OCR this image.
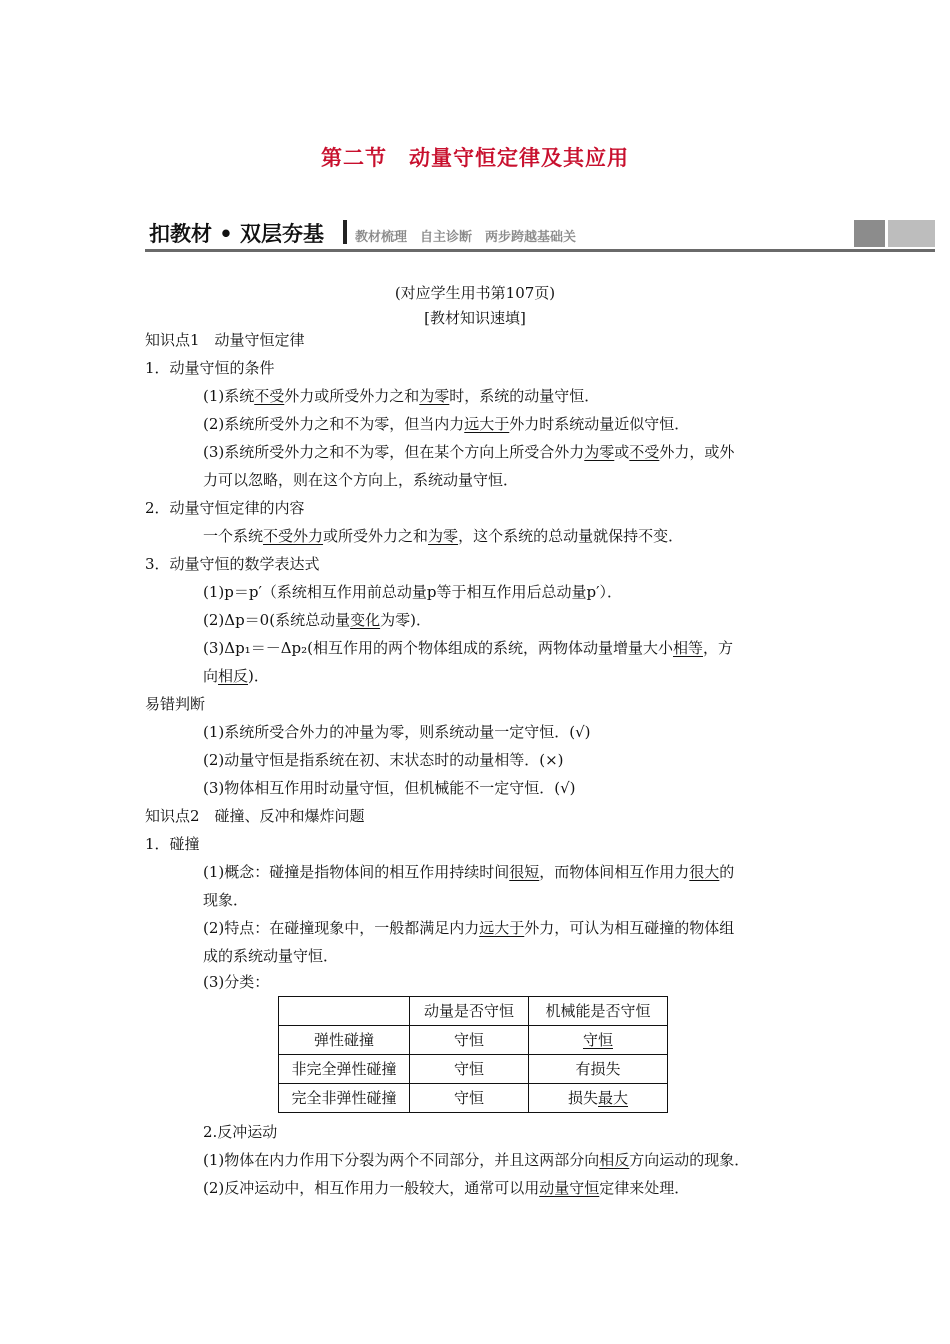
第二节　动量守恒定律及其应用
扣教材 • 双层夯基 教材梳理　自主诊断　两步跨越基础关
(对应学生用书第107页)
[教材知识速填]
知识点1　动量守恒定律
1．动量守恒的条件
(1)系统不受外力或所受外力之和为零时，系统的动量守恒．
(2)系统所受外力之和不为零，但当内力远大于外力时系统动量近似守恒．
(3)系统所受外力之和不为零，但在某个方向上所受合外力为零或不受外力，或外
力可以忽略，则在这个方向上，系统动量守恒．
2．动量守恒定律的内容
一个系统不受外力或所受外力之和为零，这个系统的总动量就保持不变．
3．动量守恒的数学表达式
(1)p＝p′（系统相互作用前总动量p等于相互作用后总动量p′）．
(2)Δp＝0(系统总动量变化为零)．
(3)Δp₁＝－Δp₂(相互作用的两个物体组成的系统，两物体动量增量大小相等，方
向相反)．
易错判断
(1)系统所受合外力的冲量为零，则系统动量一定守恒．(√)
(2)动量守恒是指系统在初、末状态时的动量相等．(×)
(3)物体相互作用时动量守恒，但机械能不一定守恒．(√)
知识点2　碰撞、反冲和爆炸问题
1．碰撞
(1)概念：碰撞是指物体间的相互作用持续时间很短，而物体间相互作用力很大的
现象．
(2)特点：在碰撞现象中，一般都满足内力远大于外力，可认为相互碰撞的物体组
成的系统动量守恒．
(3)分类：
	动量是否守恒	机械能是否守恒
弹性碰撞	守恒	守恒
非完全弹性碰撞	守恒	有损失
完全非弹性碰撞	守恒	损失最大
2.反冲运动
(1)物体在内力作用下分裂为两个不同部分，并且这两部分向相反方向运动的现象．
(2)反冲运动中，相互作用力一般较大，通常可以用动量守恒定律来处理．
